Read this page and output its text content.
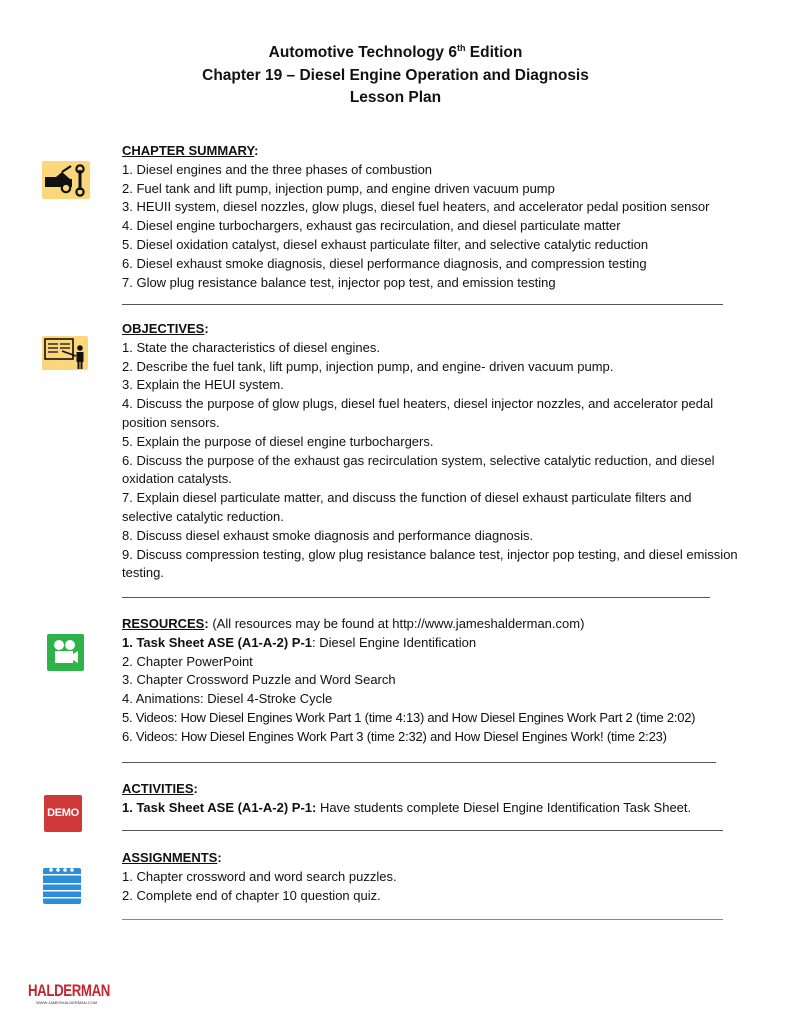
Automotive Technology 6th Edition
Chapter 19 – Diesel Engine Operation and Diagnosis
Lesson Plan
CHAPTER SUMMARY:
1. Diesel engines and the three phases of combustion
2. Fuel tank and lift pump, injection pump, and engine driven vacuum pump
3. HEUII system, diesel nozzles, glow plugs, diesel fuel heaters, and accelerator pedal position sensor
4. Diesel engine turbochargers, exhaust gas recirculation, and diesel particulate matter
5. Diesel oxidation catalyst, diesel exhaust particulate filter, and selective catalytic reduction
6. Diesel exhaust smoke diagnosis, diesel performance diagnosis, and compression testing
7. Glow plug resistance balance test, injector pop test, and emission testing
OBJECTIVES:
1. State the characteristics of diesel engines.
2. Describe the fuel tank, lift pump, injection pump, and engine- driven vacuum pump.
3. Explain the HEUI system.
4. Discuss the purpose of glow plugs, diesel fuel heaters, diesel injector nozzles, and accelerator pedal position sensors.
5. Explain the purpose of diesel engine turbochargers.
6. Discuss the purpose of the exhaust gas recirculation system, selective catalytic reduction, and diesel oxidation catalysts.
7. Explain diesel particulate matter, and discuss the function of diesel exhaust particulate filters and selective catalytic reduction.
8. Discuss diesel exhaust smoke diagnosis and performance diagnosis.
9. Discuss compression testing, glow plug resistance balance test, injector pop testing, and diesel emission testing.
RESOURCES: (All resources may be found at http://www.jameshalderman.com)
1. Task Sheet ASE (A1-A-2) P-1: Diesel Engine Identification
2. Chapter PowerPoint
3. Chapter Crossword Puzzle and Word Search
4. Animations: Diesel 4-Stroke Cycle
5. Videos: How Diesel Engines Work Part 1 (time 4:13) and How Diesel Engines Work Part 2 (time 2:02)
6. Videos: How Diesel Engines Work Part 3 (time 2:32) and How Diesel Engines Work! (time 2:23)
DEMO
ACTIVITIES:
1. Task Sheet ASE (A1-A-2) P-1: Have students complete Diesel Engine Identification Task Sheet.
ASSIGNMENTS:
1. Chapter crossword and word search puzzles.
2. Complete end of chapter 10 question quiz.
HALDERMAN
WWW.JAMESHALDERMAN.COM
